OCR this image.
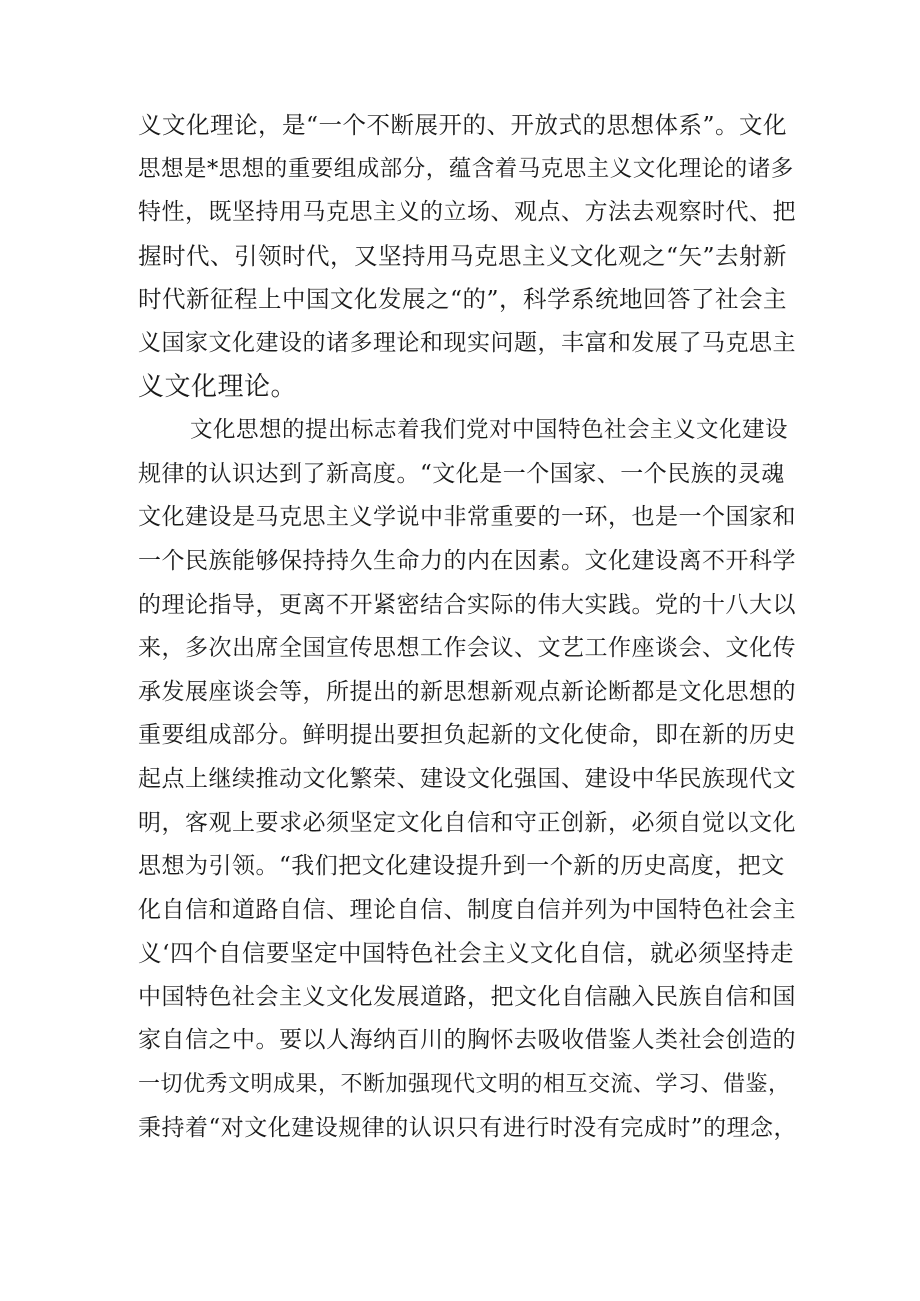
义文化理论，是“一个不断展开的、开放式的思想体系”。文化
思想是*思想的重要组成部分，蕴含着马克思主义文化理论的诸多
特性，既坚持用马克思主义的立场、观点、方法去观察时代、把
握时代、引领时代，又坚持用马克思主义文化观之“矢”去射新
时代新征程上中国文化发展之“的”，科学系统地回答了社会主
义国家文化建设的诸多理论和现实问题，丰富和发展了马克思主
义文化理论。
文化思想的提出标志着我们党对中国特色社会主义文化建设
规律的认识达到了新高度。“文化是一个国家、一个民族的灵魂
文化建设是马克思主义学说中非常重要的一环，也是一个国家和
一个民族能够保持持久生命力的内在因素。文化建设离不开科学
的理论指导，更离不开紧密结合实际的伟大实践。党的十八大以
来，多次出席全国宣传思想工作会议、文艺工作座谈会、文化传
承发展座谈会等，所提出的新思想新观点新论断都是文化思想的
重要组成部分。鲜明提出要担负起新的文化使命，即在新的历史
起点上继续推动文化繁荣、建设文化强国、建设中华民族现代文
明，客观上要求必须坚定文化自信和守正创新，必须自觉以文化
思想为引领。“我们把文化建设提升到一个新的历史高度，把文
化自信和道路自信、理论自信、制度自信并列为中国特色社会主
义‘四个自信要坚定中国特色社会主义文化自信，就必须坚持走
中国特色社会主义文化发展道路，把文化自信融入民族自信和国
家自信之中。要以人海纳百川的胸怀去吸收借鉴人类社会创造的
一切优秀文明成果，不断加强现代文明的相互交流、学习、借鉴，
秉持着“对文化建设规律的认识只有进行时没有完成时”的理念，
